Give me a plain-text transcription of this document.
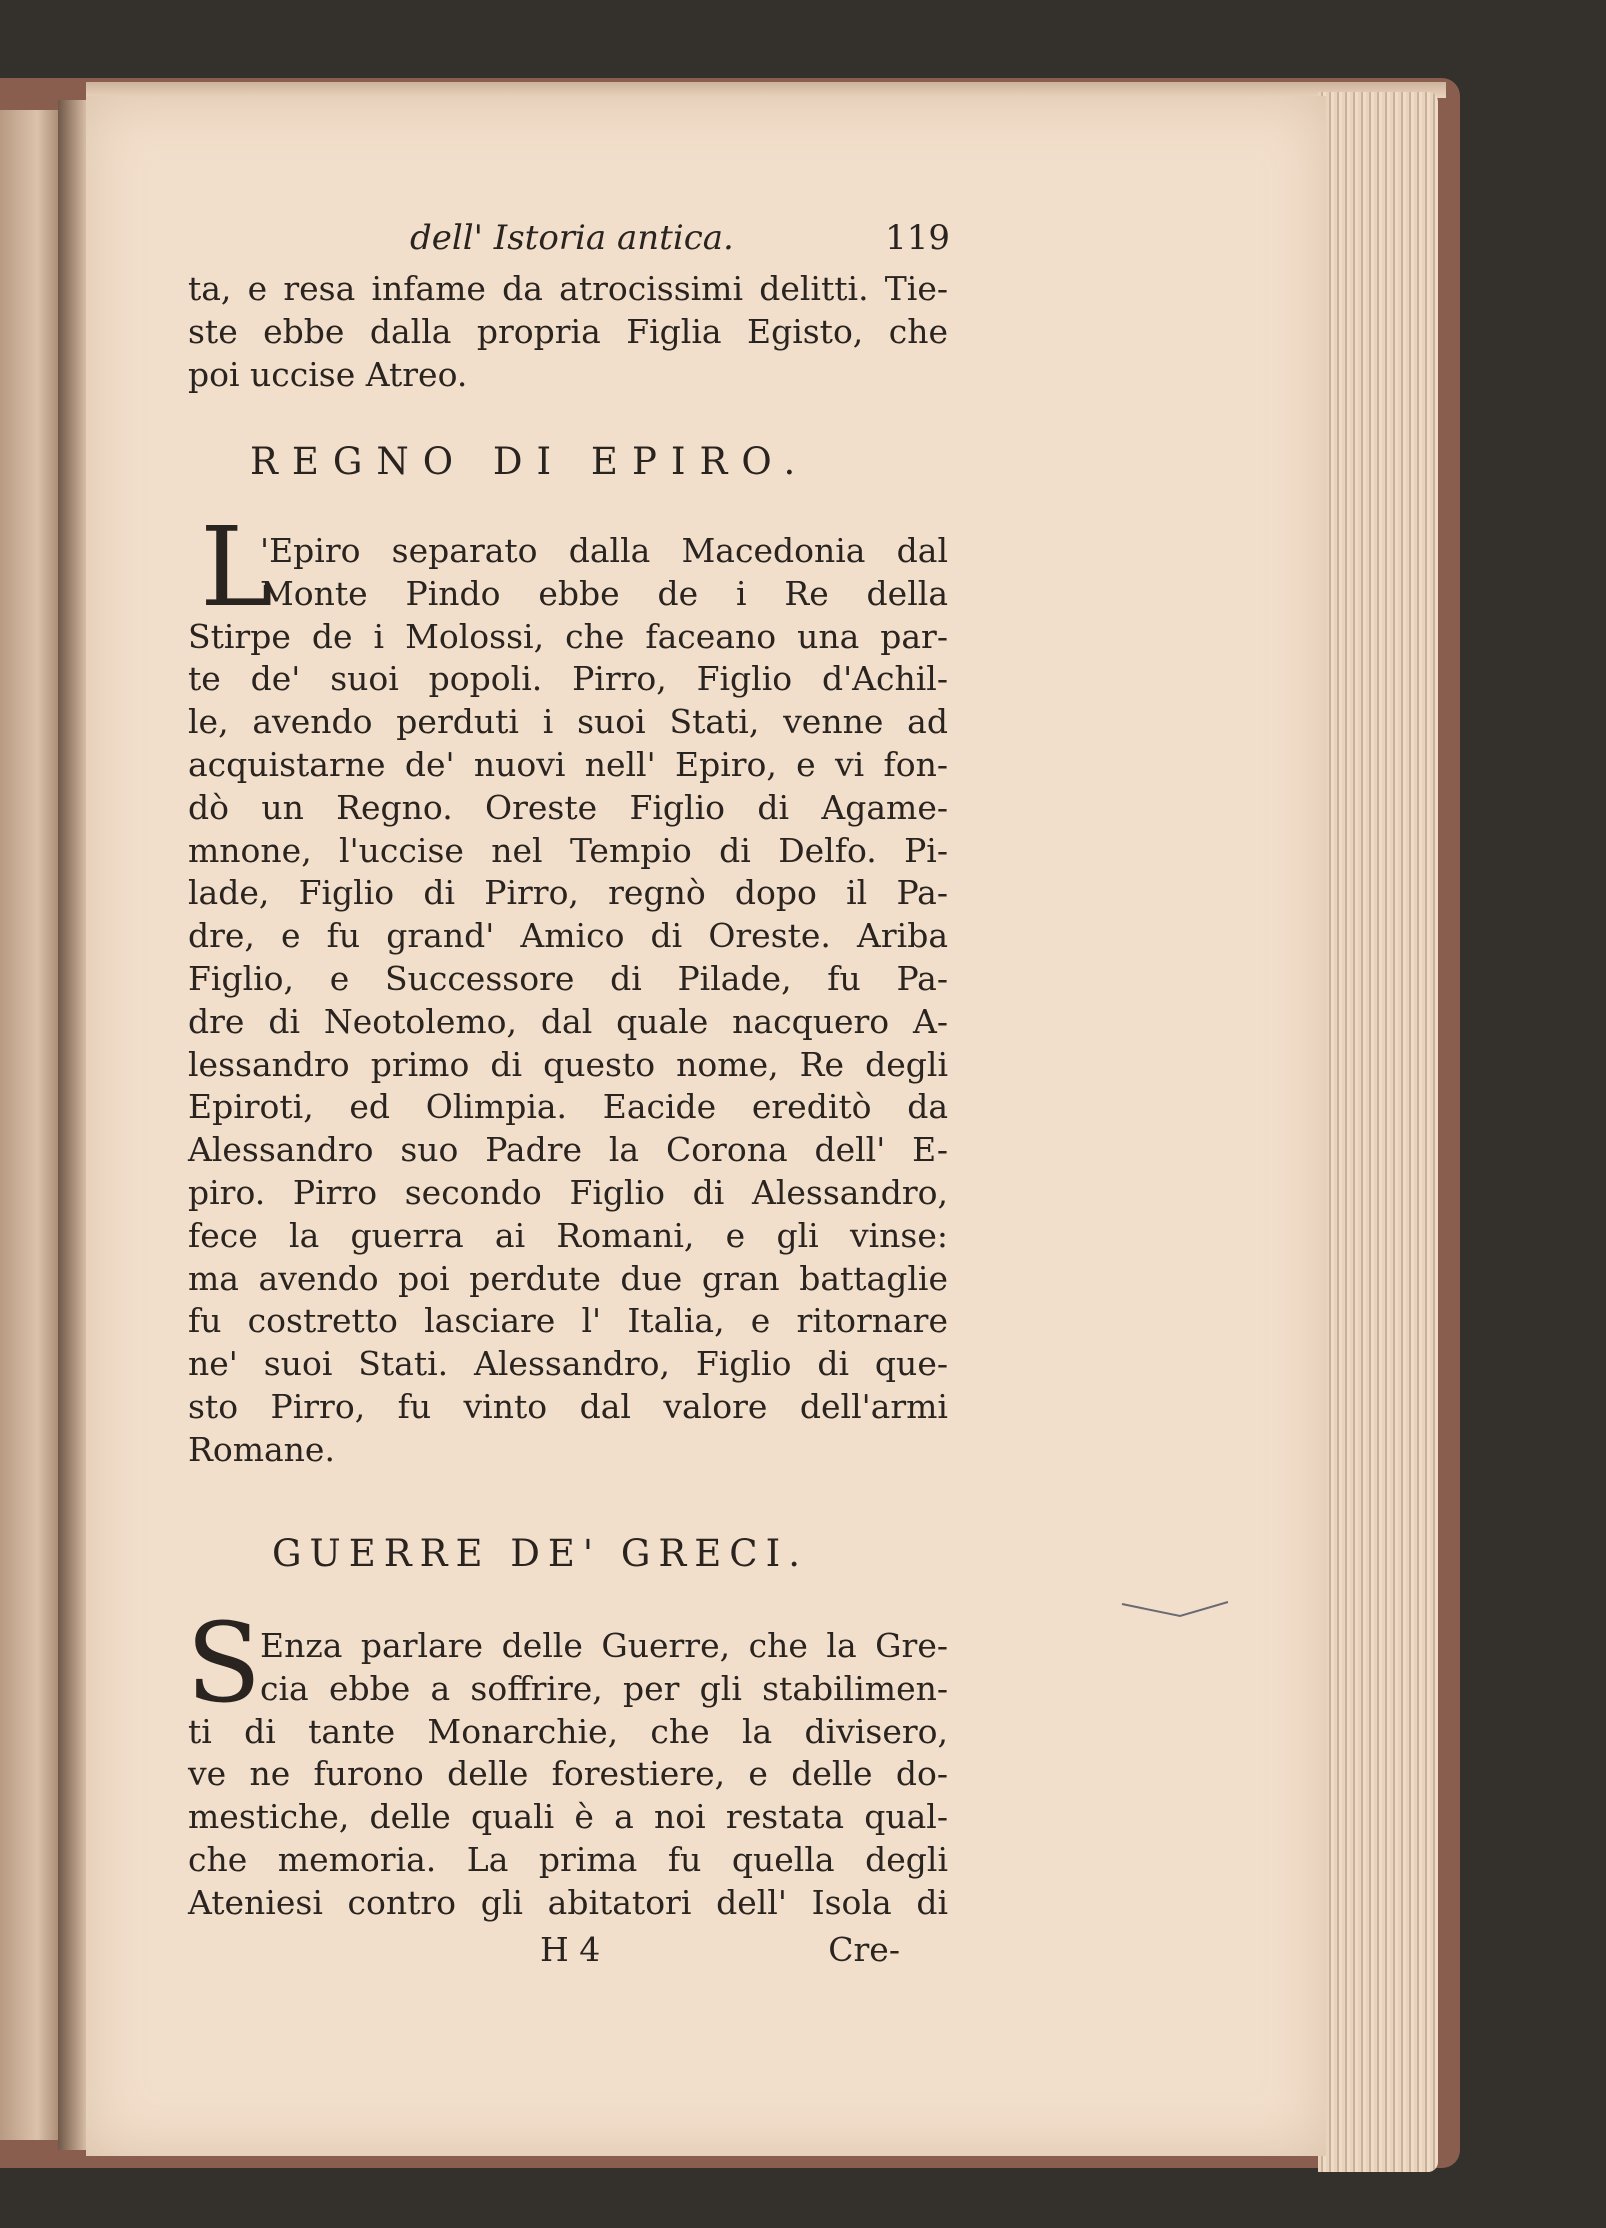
dell' Istoria antica.	119
ta, e resa infame da atrocissimi delitti. Tie-
ste ebbe dalla propria Figlia Egisto, che
poi uccise Atreo.
REGNO DI EPIRO.
L
'Epiro separato dalla Macedonia dal
Monte Pindo ebbe de i Re della
Stirpe de i Molossi, che faceano una par-
te de' suoi popoli. Pirro, Figlio d'Achil-
le, avendo perduti i suoi Stati, venne ad
acquistarne de' nuovi nell' Epiro, e vi fon-
dò un Regno. Oreste Figlio di Agame-
mnone, l'uccise nel Tempio di Delfo. Pi-
lade, Figlio di Pirro, regnò dopo il Pa-
dre, e fu grand' Amico di Oreste. Ariba
Figlio, e Successore di Pilade, fu Pa-
dre di Neotolemo, dal quale nacquero A-
lessandro primo di questo nome, Re degli
Epiroti, ed Olimpia. Eacide ereditò da
Alessandro suo Padre la Corona dell' E-
piro. Pirro secondo Figlio di Alessandro,
fece la guerra ai Romani, e gli vinse:
ma avendo poi perdute due gran battaglie
fu costretto lasciare l' Italia, e ritornare
ne' suoi Stati. Alessandro, Figlio di que-
sto Pirro, fu vinto dal valore dell'armi
Romane.
GUERRE DE' GRECI.
S
Enza parlare delle Guerre, che la Gre-
cia ebbe a soffrire, per gli stabilimen-
ti di tante Monarchie, che la divisero,
ve ne furono delle forestiere, e delle do-
mestiche, delle quali è a noi restata qual-
che memoria. La prima fu quella degli
Ateniesi contro gli abitatori dell' Isola di
H 4	Cre-
